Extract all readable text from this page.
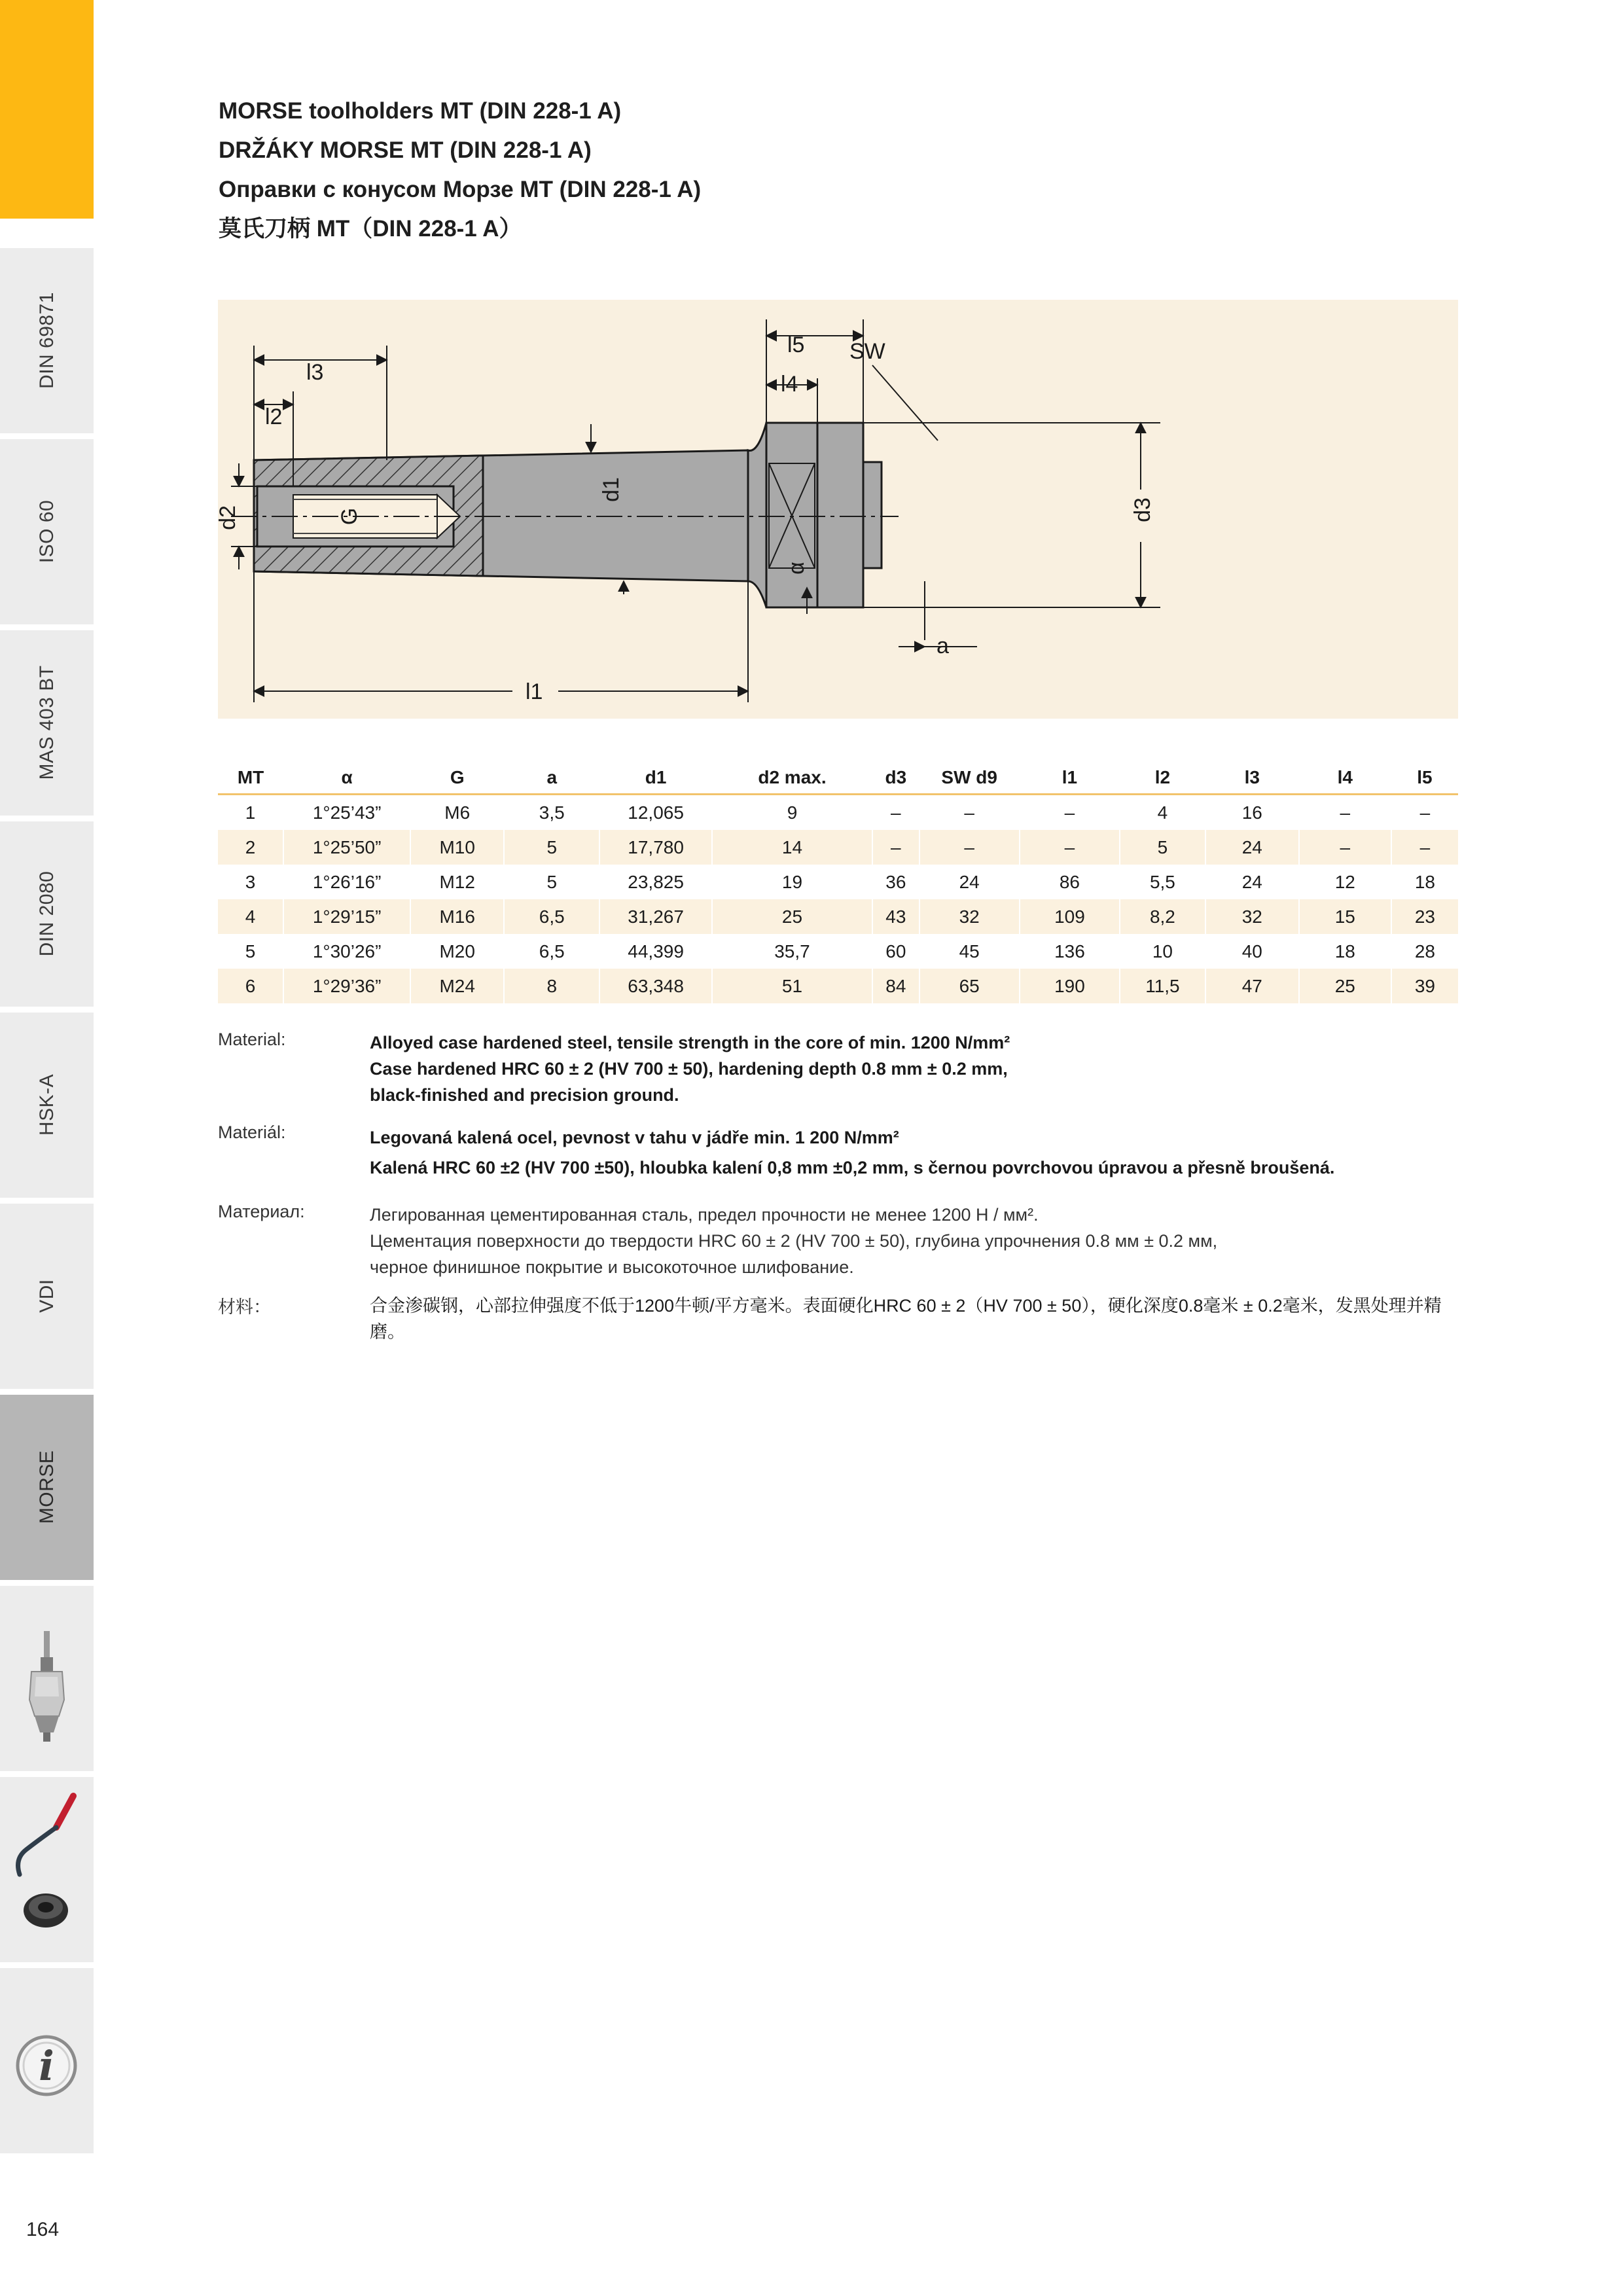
DIN 69871
ISO 60
MAS 403 BT
DIN 2080
HSK-A
VDI
MORSE
i
164
MORSE toolholders MT (DIN 228-1 A)
DRŽÁKY MORSE MT (DIN 228-1 A)
Оправки с конусом Морзе MT (DIN 228-1 A)
莫氏刀柄 MT（DIN 228-1 A）
G
l3
l2
d2
d1
SW
l5
l4
d3
α
a
l1
MT	α	G	a	d1	d2 max.	d3	SW d9	l1	l2	l3	l4	l5
1	1°25’43”	M6	3,5	12,065	9	–	–	–	4	16	–	–
2	1°25’50”	M10	5	17,780	14	–	–	–	5	24	–	–
3	1°26’16”	M12	5	23,825	19	36	24	86	5,5	24	12	18
4	1°29’15”	M16	6,5	31,267	25	43	32	109	8,2	32	15	23
5	1°30’26”	M20	6,5	44,399	35,7	60	45	136	10	40	18	28
6	1°29’36”	M24	8	63,348	51	84	65	190	11,5	47	25	39
Material:	Alloyed case hardened steel, tensile strength in the core of min. 1200 N/mm²
Case hardened HRC 60 ± 2 (HV 700 ± 50), hardening depth 0.8 mm ± 0.2 mm,
black-finished and precision ground.
Materiál:	Legovaná kalená ocel, pevnost v tahu v jádře min. 1 200 N/mm²
Kalená HRC 60 ±2 (HV 700 ±50), hloubka kalení 0,8 mm ±0,2 mm, s černou povrchovou úpravou a přesně broušená.
Материал:	Легированная цементированная сталь, предел прочности не менее 1200 Н / мм².
Цементация поверхности до твердости HRC 60 ± 2 (HV 700 ± 50), глубина упрочнения 0.8 мм ± 0.2 мм,
черное финишное покрытие и высокоточное шлифование.
材料：	合金渗碳钢，心部拉伸强度不低于1200牛顿/平方毫米。表面硬化HRC 60 ± 2（HV 700 ± 50），硬化深度0.8毫米 ± 0.2毫米，发黑处理并精磨。
